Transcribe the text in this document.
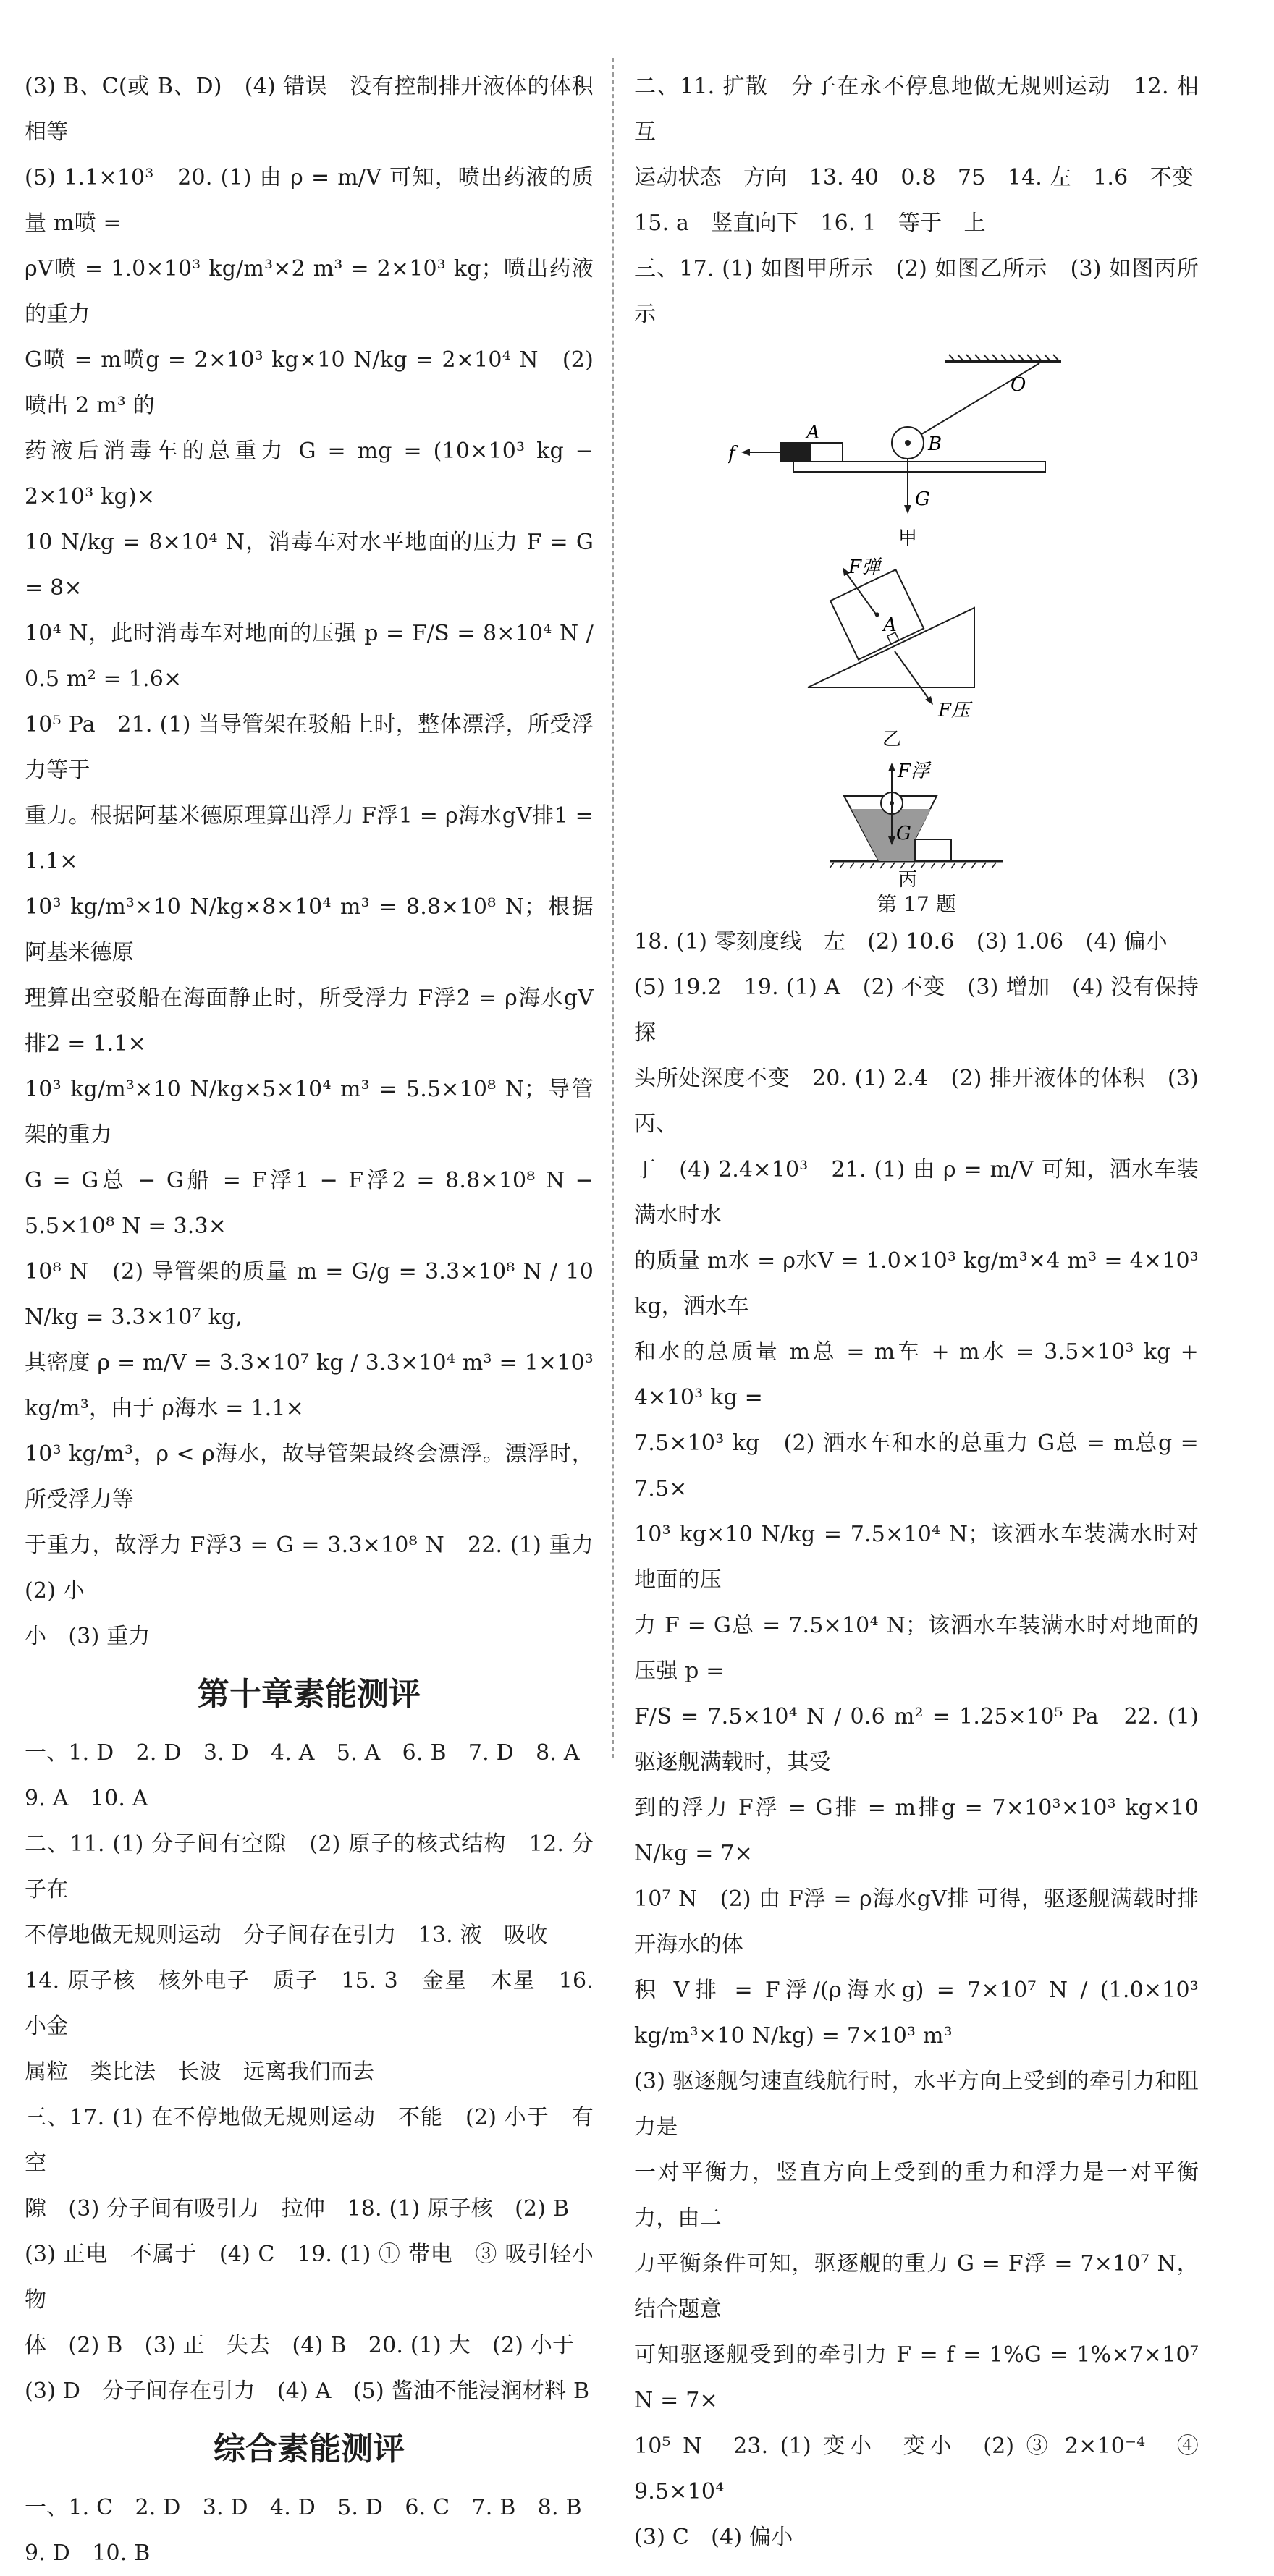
(3) B、C(或 B、D)　(4) 错误　没有控制排开液体的体积相等

(5) 1.1×10³　20. (1) 由 ρ = m/V 可知，喷出药液的质量 m喷 =

ρV喷 = 1.0×10³ kg/m³×2 m³ = 2×10³ kg；喷出药液的重力

G喷 = m喷g = 2×10³ kg×10 N/kg = 2×10⁴ N　(2) 喷出 2 m³ 的

药液后消毒车的总重力 G = mg = (10×10³ kg − 2×10³ kg)×

10 N/kg = 8×10⁴ N，消毒车对水平地面的压力 F = G = 8×

10⁴ N，此时消毒车对地面的压强 p = F/S = 8×10⁴ N / 0.5 m² = 1.6×

10⁵ Pa　21. (1) 当导管架在驳船上时，整体漂浮，所受浮力等于

重力。根据阿基米德原理算出浮力 F浮1 = ρ海水gV排1 = 1.1×

10³ kg/m³×10 N/kg×8×10⁴ m³ = 8.8×10⁸ N；根据阿基米德原

理算出空驳船在海面静止时，所受浮力 F浮2 = ρ海水gV排2 = 1.1×

10³ kg/m³×10 N/kg×5×10⁴ m³ = 5.5×10⁸ N；导管架的重力

G = G总 − G船 = F浮1 − F浮2 = 8.8×10⁸ N − 5.5×10⁸ N = 3.3×

10⁸ N　(2) 导管架的质量 m = G/g = 3.3×10⁸ N / 10 N/kg = 3.3×10⁷ kg,

其密度 ρ = m/V = 3.3×10⁷ kg / 3.3×10⁴ m³ = 1×10³ kg/m³，由于 ρ海水 = 1.1×

10³ kg/m³，ρ < ρ海水，故导管架最终会漂浮。漂浮时，所受浮力等

于重力，故浮力 F浮3 = G = 3.3×10⁸ N　22. (1) 重力　(2) 小

小　(3) 重力

第十章素能测评

一、1. D　2. D　3. D　4. A　5. A　6. B　7. D　8. A

9. A　10. A

二、11. (1) 分子间有空隙　(2) 原子的核式结构　12. 分子在

不停地做无规则运动　分子间存在引力　13. 液　吸收

14. 原子核　核外电子　质子　15. 3　金星　木星　16. 小金

属粒　类比法　长波　远离我们而去

三、17. (1) 在不停地做无规则运动　不能　(2) 小于　有空

隙　(3) 分子间有吸引力　拉伸　18. (1) 原子核　(2) B

(3) 正电　不属于　(4) C　19. (1) ① 带电　③ 吸引轻小物

体　(2) B　(3) 正　失去　(4) B　20. (1) 大　(2) 小于

(3) D　分子间存在引力　(4) A　(5) 酱油不能浸润材料 B

综合素能测评

一、1. C　2. D　3. D　4. D　5. D　6. C　7. B　8. B

9. D　10. B

二、11. 扩散　分子在永不停息地做无规则运动　12. 相互

运动状态　方向　13. 40　0.8　75　14. 左　1.6　不变

15. a　竖直向下　16. 1　等于　上

三、17. (1) 如图甲所示　(2) 如图乙所示　(3) 如图丙所示

O
B
A
f
G
甲
A
F弹
F压
乙
F浮
G
丙

第 17 题

18. (1) 零刻度线　左　(2) 10.6　(3) 1.06　(4) 偏小

(5) 19.2　19. (1) A　(2) 不变　(3) 增加　(4) 没有保持探

头所处深度不变　20. (1) 2.4　(2) 排开液体的体积　(3) 丙、

丁　(4) 2.4×10³　21. (1) 由 ρ = m/V 可知，洒水车装满水时水

的质量 m水 = ρ水V = 1.0×10³ kg/m³×4 m³ = 4×10³ kg，洒水车

和水的总质量 m总 = m车 + m水 = 3.5×10³ kg + 4×10³ kg =

7.5×10³ kg　(2) 洒水车和水的总重力 G总 = m总g = 7.5×

10³ kg×10 N/kg = 7.5×10⁴ N；该洒水车装满水时对地面的压

力 F = G总 = 7.5×10⁴ N；该洒水车装满水时对地面的压强 p =

F/S = 7.5×10⁴ N / 0.6 m² = 1.25×10⁵ Pa　22. (1) 驱逐舰满载时，其受

到的浮力 F浮 = G排 = m排g = 7×10³×10³ kg×10 N/kg = 7×

10⁷ N　(2) 由 F浮 = ρ海水gV排 可得，驱逐舰满载时排开海水的体

积 V排 = F浮/(ρ海水g) = 7×10⁷ N / (1.0×10³ kg/m³×10 N/kg) = 7×10³ m³

(3) 驱逐舰匀速直线航行时，水平方向上受到的牵引力和阻力是

一对平衡力，竖直方向上受到的重力和浮力是一对平衡力，由二

力平衡条件可知，驱逐舰的重力 G = F浮 = 7×10⁷ N，结合题意

可知驱逐舰受到的牵引力 F = f = 1%G = 1%×7×10⁷ N = 7×

10⁵ N　23. (1) 变小　变小　(2) ③ 2×10⁻⁴　④ 9.5×10⁴

(3) C　(4) 偏小
